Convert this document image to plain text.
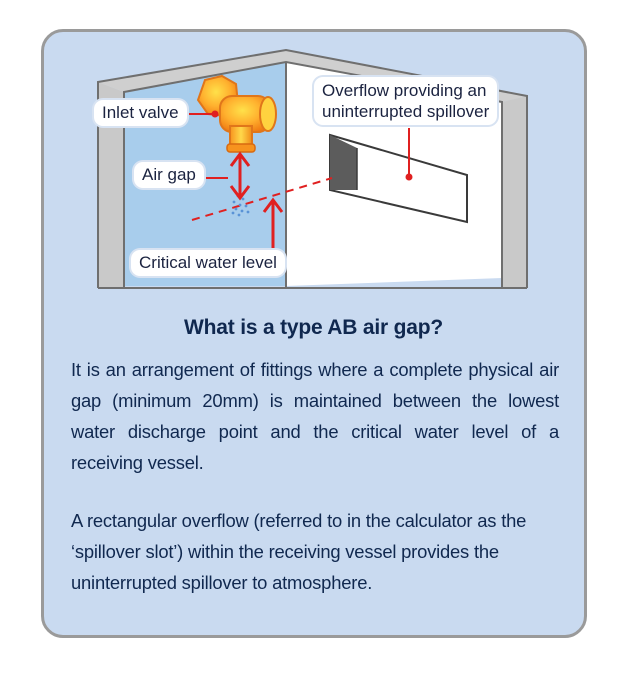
Inlet valve
Air gap
Critical water level
Overflow providing an
uninterrupted spillover
What is a type AB air gap?
It is an arrangement of fittings where a complete physical air gap (minimum 20mm) is maintained between the lowest water discharge point and the critical water level of a receiving vessel.
A rectangular overflow (referred to in the calculator as the ‘spillover slot’) within the receiving vessel provides the uninterrupted spillover to atmosphere.
